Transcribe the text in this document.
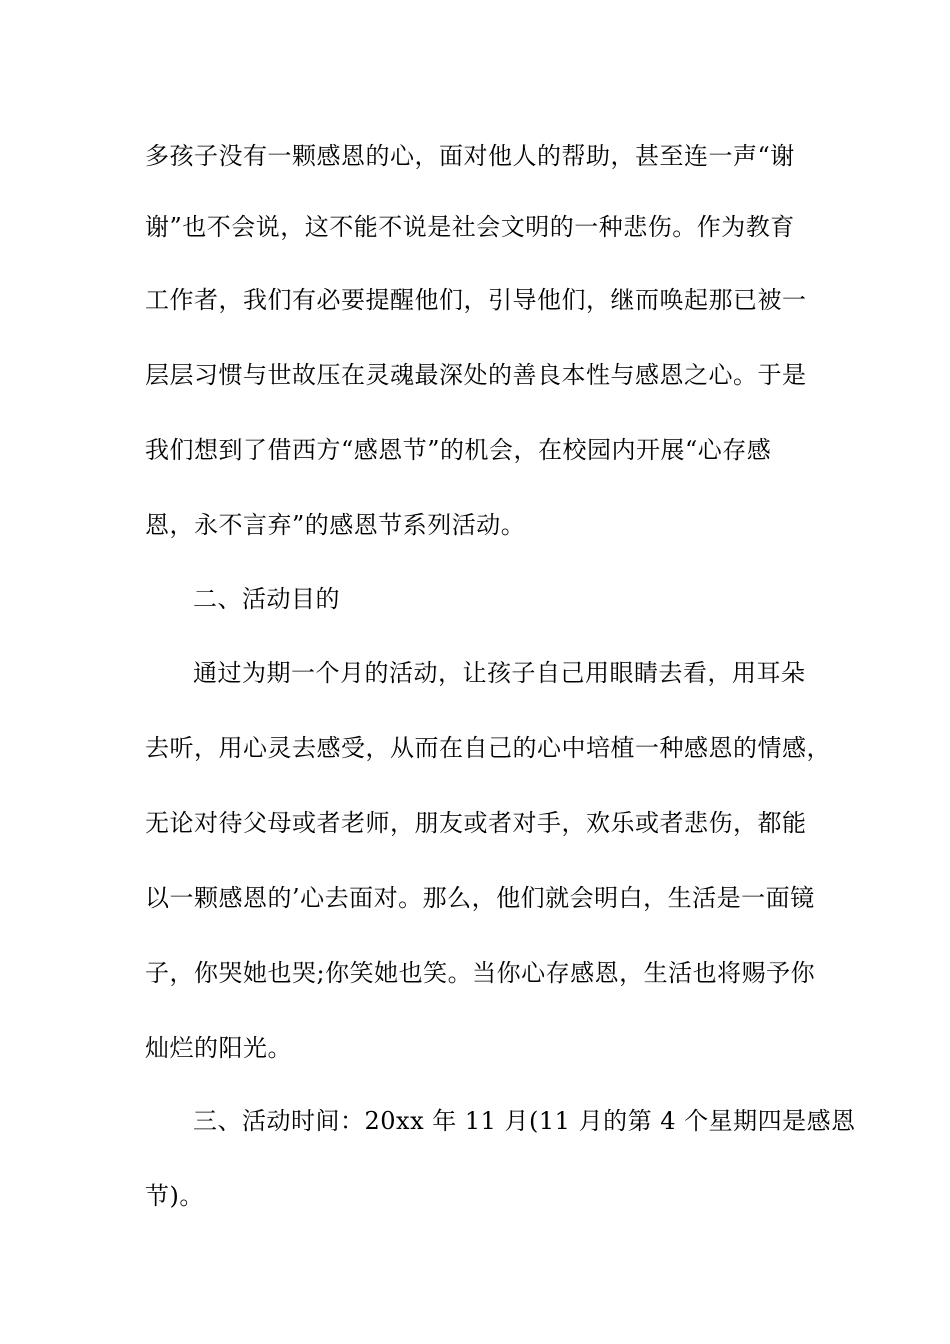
多孩子没有一颗感恩的心，面对他人的帮助，甚至连一声“谢
谢”也不会说，这不能不说是社会文明的一种悲伤。作为教育
工作者，我们有必要提醒他们，引导他们，继而唤起那已被一
层层习惯与世故压在灵魂最深处的善良本性与感恩之心。于是
我们想到了借西方“感恩节”的机会，在校园内开展“心存感
恩，永不言弃”的感恩节系列活动。
二、活动目的
通过为期一个月的活动，让孩子自己用眼睛去看，用耳朵
去听，用心灵去感受，从而在自己的心中培植一种感恩的情感，
无论对待父母或者老师，朋友或者对手，欢乐或者悲伤，都能
以一颗感恩的’心去面对。那么，他们就会明白，生活是一面镜
子，你哭她也哭;你笑她也笑。当你心存感恩，生活也将赐予你
灿烂的阳光。
三、活动时间：20xx 年 11 月(11 月的第 4 个星期四是感恩
节)。
